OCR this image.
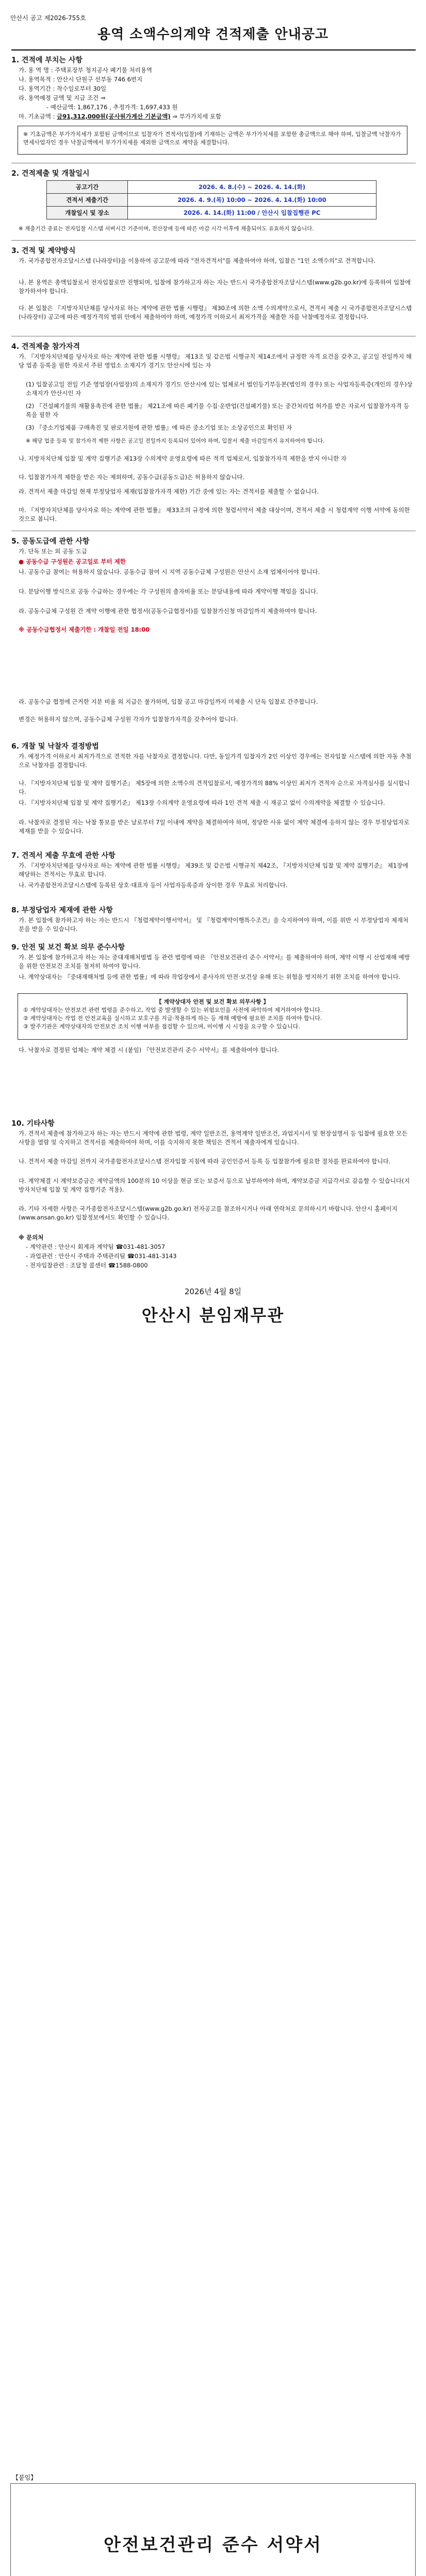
안산시 공고 제2026-755호
용역 소액수의계약 견적제출 안내공고
1. 견적에 부치는 사항
가. 용 역 명 : 주택포장부 청지공사 폐기물 처리용역
나. 용역목적 : 안산시 단원구 선부동 746 6번지
다. 용역기간 : 착수일로부터 30일
라. 용역예정 금액 및 지급 조건 ⇒
- 예산금액: 1,867,176 , 추정가격: 1,697,433 원
마. 기초금액 : 금91,312,000원(공사원가계산 기본금액) ⇒ 부가가치세 포함
※ 기초금액은 부가가치세가 포함된 금액이므로 입찰자가 견적서(입찰)에 기재하는 금액은 부가가치세를 포함한 총금액으로 해야 하며, 입찰금액 낙찰자가 면세사업자인 경우 낙찰금액에서 부가가치세를 제외한 금액으로 계약을 체결합니다.
2. 견적제출 및 개찰일시
공고기간	2026. 4. 8.(수) ~ 2026. 4. 14.(화)
견적서 제출기간	2026. 4. 9.(목) 10:00 ~ 2026. 4. 14.(화) 10:00
개찰일시 및 장소	2026. 4. 14.(화) 11:00 / 안산시 입찰집행관 PC
※ 제출기간 종료는 전자입찰 시스템 서버시간 기준이며, 전산장애 등에 따른 마감 시각 이후에 제출되어도 유효하지 않습니다.
3. 견적 및 계약방식
가. 국가종합전자조달시스템 (나라장터)을 이용하여 공고문에 따라 "전자견적서"를 제출하여야 하며, 입찰은 "1인 소액수의"로 견적합니다.
나. 본 용역은 총액입찰로서 전자입찰로만 진행되며, 입찰에 참가하고자 하는 자는 반드시 국가종합전자조달시스템(www.g2b.go.kr)에 등록하여 입찰에 참가하셔야 합니다.
다. 본 입찰은 『지방자치단체를 당사자로 하는 계약에 관한 법률 시행령』 제30조에 의한 소액 수의계약으로서, 견적서 제출 시 국가종합전자조달시스템(나라장터) 공고에 따른 예정가격의 범위 안에서 제출하여야 하며, 예정가격 이하로서 최저가격을 제출한 자를 낙찰예정자로 결정합니다.
4. 견적제출 참가자격
가. 『지방자치단체를 당사자로 하는 계약에 관한 법률 시행령』 제13조 및 같은법 시행규칙 제14조에서 규정한 자격 요건을 갖추고, 공고일 전일까지 해당 업종 등록을 필한 자로서 주된 영업소 소재지가 경기도 안산시에 있는 자
(1) 입찰공고일 전일 기준 영업장(사업장)의 소재지가 경기도 안산시에 있는 업체로서 법인등기부등본(법인의 경우) 또는 사업자등록증(개인의 경우)상 소재지가 안산시인 자
(2) 『건설폐기물의 재활용촉진에 관한 법률』 제21조에 따른 폐기물 수집·운반업(건설폐기물) 또는 중간처리업 허가를 받은 자로서 입찰참가자격 등록을 필한 자
(3) 『중소기업제품 구매촉진 및 판로지원에 관한 법률』에 따른 중소기업 또는 소상공인으로 확인된 자
※ 해당 업종 등록 및 참가자격 제한 사항은 공고일 전일까지 등록되어 있어야 하며, 입찰서 제출 마감일까지 유지하여야 합니다.
나. 지방자치단체 입찰 및 계약 집행기준 제13장 수의계약 운영요령에 따른 적격 업체로서, 입찰참가자격 제한을 받지 아니한 자
다. 입찰참가자격 제한을 받은 자는 제외하며, 공동수급(공동도급)은 허용하지 않습니다.
라. 견적서 제출 마감일 현재 부정당업자 제재(입찰참가자격 제한) 기간 중에 있는 자는 견적서를 제출할 수 없습니다.
마. 『지방자치단체를 당사자로 하는 계약에 관한 법률』 제33조의 규정에 의한 청렴서약서 제출 대상이며, 견적서 제출 시 청렴계약 이행 서약에 동의한 것으로 봅니다.
5. 공동도급에 관한 사항
가. 단독 또는 외 공동 도급
● 공동수급 구성원은 공고일로 부터 제한
나. 공동수급 참여는 허용하지 않습니다. 공동수급 참여 시 지역 공동수급체 구성원은 안산시 소재 업체이어야 합니다.
다. 분담이행 방식으로 공동 수급하는 경우에는 각 구성원의 출자비율 또는 분담내용에 따라 계약이행 책임을 집니다.
라. 공동수급체 구성원 간 계약 이행에 관한 협정서(공동수급협정서)를 입찰참가신청 마감일까지 제출하여야 합니다.
※ 공동수급협정서 제출기한 : 개찰일 전일 18:00
라. 공동수급 협정에 근거한 지분 비율 외 지급은 불가하며, 입찰 공고 마감일까지 미제출 시 단독 입찰로 간주합니다.
변경은 허용하지 않으며, 공동수급체 구성원 각자가 입찰참가자격을 갖추어야 합니다.
6. 개찰 및 낙찰자 결정방법
가. 예정가격 이하로서 최저가격으로 견적한 자를 낙찰자로 결정합니다. 다만, 동일가격 입찰자가 2인 이상인 경우에는 전자입찰 시스템에 의한 자동 추첨으로 낙찰자를 결정합니다.
나. 『지방자치단체 입찰 및 계약 집행기준』 제5장에 의한 소액수의 견적입찰로서, 예정가격의 88% 이상인 최저가 견적자 순으로 자격심사를 실시합니다.
다. 『지방자치단체 입찰 및 계약 집행기준』 제13장 수의계약 운영요령에 따라 1인 견적 제출 시 재공고 없이 수의계약을 체결할 수 있습니다.
라. 낙찰자로 결정된 자는 낙찰 통보를 받은 날로부터 7일 이내에 계약을 체결하여야 하며, 정당한 사유 없이 계약 체결에 응하지 않는 경우 부정당업자로 제재를 받을 수 있습니다.
7. 견적서 제출 무효에 관한 사항
가. 『지방자치단체를 당사자로 하는 계약에 관한 법률 시행령』 제39조 및 같은법 시행규칙 제42조, 『지방자치단체 입찰 및 계약 집행기준』 제1장에 해당하는 견적서는 무효로 합니다.
나. 국가종합전자조달시스템에 등록된 상호·대표자 등이 사업자등록증과 상이한 경우 무효로 처리합니다.
8. 부정당업자 제재에 관한 사항
가. 본 입찰에 참가하고자 하는 자는 반드시 『청렴계약이행서약서』 및 『청렴계약이행특수조건』을 숙지하여야 하며, 이를 위반 시 부정당업자 제재처분을 받을 수 있습니다.
9. 안전 및 보건 확보 의무 준수사항
가. 본 입찰에 참가하고자 하는 자는 중대재해처벌법 등 관련 법령에 따른 『안전보건관리 준수 서약서』를 제출하여야 하며, 계약 이행 시 산업재해 예방을 위한 안전보건 조치를 철저히 하여야 합니다.
나. 계약상대자는 『중대재해처벌 등에 관한 법률』에 따라 작업장에서 종사자의 안전·보건상 유해 또는 위험을 방지하기 위한 조치를 하여야 합니다.
【 계약상대자 안전 및 보건 확보 의무사항 】
① 계약상대자는 안전보건 관련 법령을 준수하고, 작업 중 발생할 수 있는 위험요인을 사전에 파악하여 제거하여야 합니다.
② 계약상대자는 작업 전 안전교육을 실시하고 보호구를 지급·착용하게 하는 등 재해 예방에 필요한 조치를 하여야 합니다.
③ 발주기관은 계약상대자의 안전보건 조치 이행 여부를 점검할 수 있으며, 미이행 시 시정을 요구할 수 있습니다.
다. 낙찰자로 결정된 업체는 계약 체결 시 (붙임) 『안전보건관리 준수 서약서』를 제출하여야 합니다.
10. 기타사항
가. 견적서 제출에 참가하고자 하는 자는 반드시 계약에 관한 법령, 계약 일반조건, 용역계약 일반조건, 과업지시서 및 현장설명서 등 입찰에 필요한 모든 사항을 열람 및 숙지하고 견적서를 제출하여야 하며, 이를 숙지하지 못한 책임은 견적서 제출자에게 있습니다.
나. 견적서 제출 마감일 전까지 국가종합전자조달시스템 전자입찰 지침에 따라 공인인증서 등록 등 입찰참가에 필요한 절차를 완료하여야 합니다.
다. 계약체결 시 계약보증금은 계약금액의 100분의 10 이상을 현금 또는 보증서 등으로 납부하여야 하며, 계약보증금 지급각서로 갈음할 수 있습니다(지방자치단체 입찰 및 계약 집행기준 적용).
라. 기타 자세한 사항은 국가종합전자조달시스템(www.g2b.go.kr) 전자공고를 참조하시거나 아래 연락처로 문의하시기 바랍니다. 안산시 홈페이지(www.ansan.go.kr) 입찰정보에서도 확인할 수 있습니다.
※ 문의처
- 계약관련 : 안산시 회계과 계약팀 ☎031-481-3057
- 과업관련 : 안산시 주택과 주택관리팀 ☎031-481-3143
- 전자입찰관련 : 조달청 콜센터 ☎1588-0800
2026년 4월 8일
안산시 분임재무관
【붙임】
안전보건관리 준수 서약서
